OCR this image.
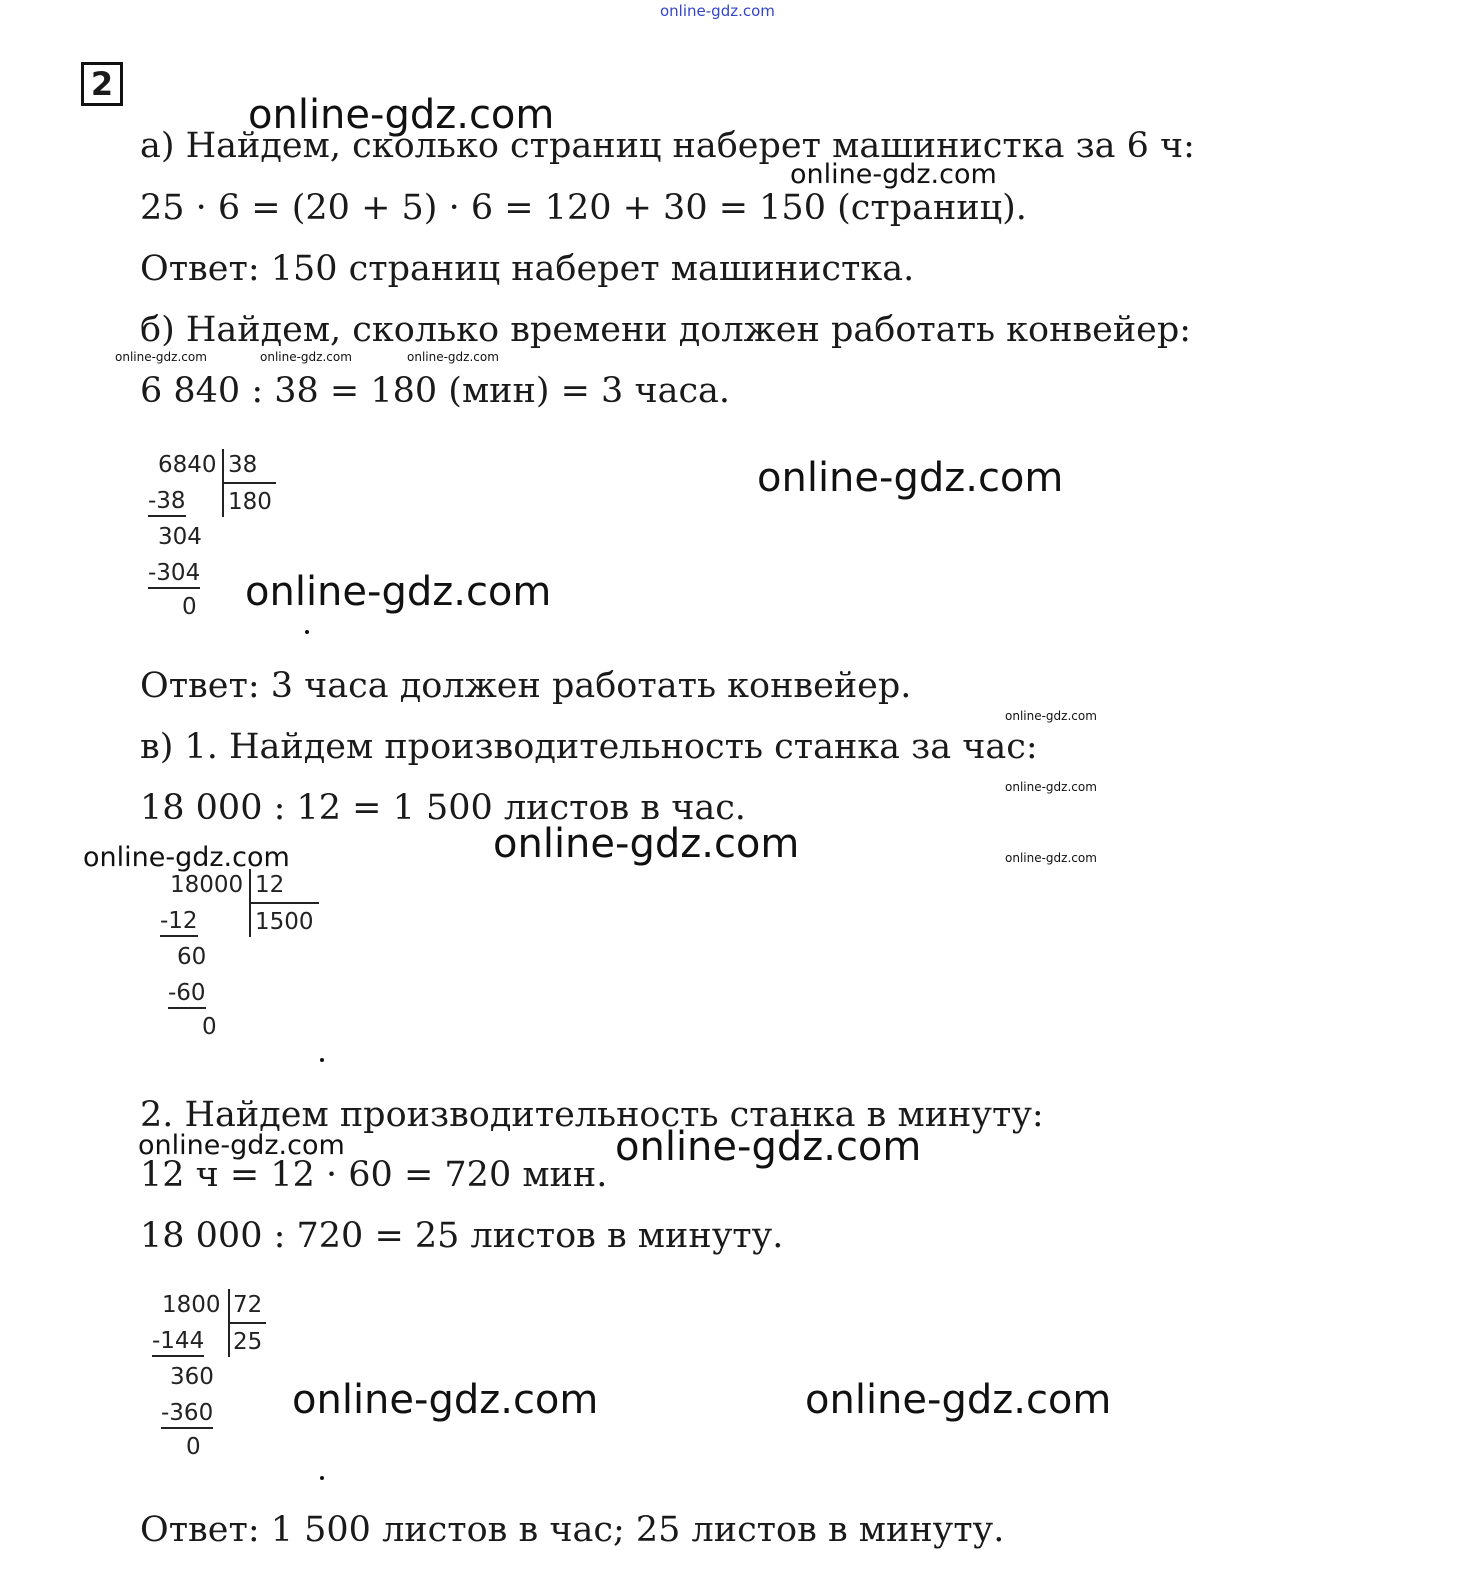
online-gdz.com
2
а) Найдем, сколько страниц наберет машинистка за 6 ч:
25 · 6 = (20 + 5) · 6 = 120 + 30 = 150 (страниц).
Ответ: 150 страниц наберет машинистка.
б) Найдем, сколько времени должен работать конвейер:
6 840 : 38 = 180 (мин) = 3 часа.
6840 38
180
-38
304
-304
0
Ответ: 3 часа должен работать конвейер.
в) 1. Найдем производительность станка за час:
18 000 : 12 = 1 500 листов в час.
18000 12
1500
-12
60
-60
0
2. Найдем производительность станка в минуту:
12 ч = 12 · 60 = 720 мин.
18 000 : 720 = 25 листов в минуту.
1800 72
25
-144
360
-360
0
Ответ: 1 500 листов в час; 25 листов в минуту.
online-gdz.com
online-gdz.com
online-gdz.com	online-gdz.com	online-gdz.com
online-gdz.com
online-gdz.com
online-gdz.com
online-gdz.com
online-gdz.com
online-gdz.com	online-gdz.com
online-gdz.com	online-gdz.com
online-gdz.com	online-gdz.com
